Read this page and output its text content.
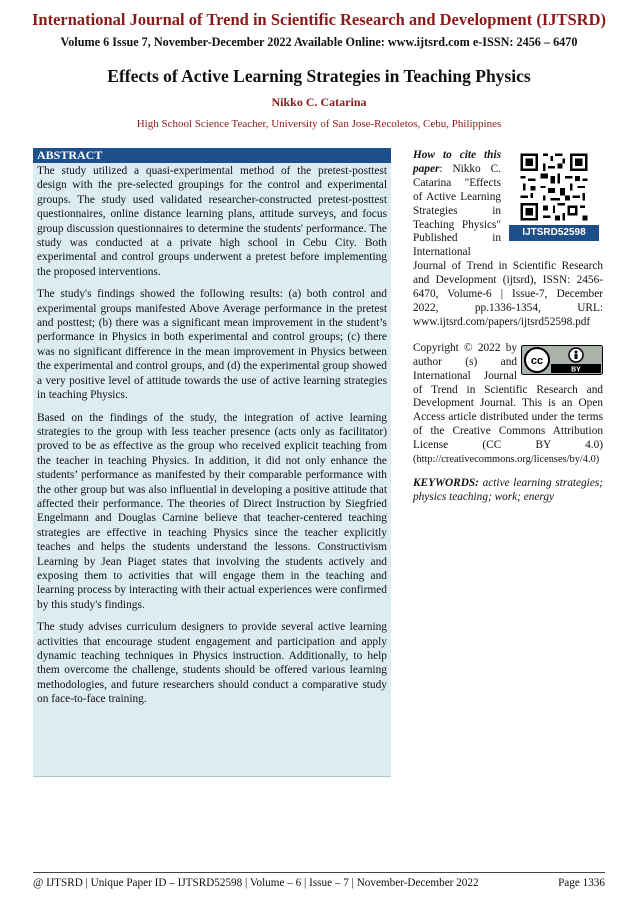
International Journal of Trend in Scientific Research and Development (IJTSRD)
Volume 6 Issue 7, November-December 2022 Available Online: www.ijtsrd.com e-ISSN: 2456 – 6470
Effects of Active Learning Strategies in Teaching Physics
Nikko C. Catarina
High School Science Teacher, University of San Jose-Recoletos, Cebu, Philippines
ABSTRACT

The study utilized a quasi-experimental method of the pretest-posttest design with the pre-selected groupings for the control and experimental groups. The study used validated researcher-constructed pretest-posttest questionnaires, online distance learning plans, attitude surveys, and focus group discussion questionnaires to determine the students' performance. The study was conducted at a private high school in Cebu City. Both experimental and control groups underwent a pretest before implementing the proposed interventions.

The study's findings showed the following results: (a) both control and experimental groups manifested Above Average performance in the pretest and posttest; (b) there was a significant mean improvement in the student’s performance in Physics in both experimental and control groups; (c) there was no significant difference in the mean improvement in Physics between the experimental and control groups, and (d) the experimental group showed a very positive level of attitude towards the use of active learning strategies in teaching Physics.

Based on the findings of the study, the integration of active learning strategies to the group with less teacher presence (acts only as facilitator) proved to be as effective as the group who received explicit teaching from the teacher in teaching Physics. In addition, it did not only enhance the students’ performance as manifested by their comparable performance with the other group but was also influential in developing a positive attitude that affected their performance. The theories of Direct Instruction by Siegfried Engelmann and Douglas Carnine believe that teacher-centered teaching strategies are effective in teaching Physics since the teacher explicitly teaches and helps the students understand the lessons. Constructivism Learning by Jean Piaget states that involving the students actively and exposing them to activities that will engage them in the teaching and learning process by interacting with their actual experiences were confirmed by this study's findings.

The study advises curriculum designers to provide several active learning activities that encourage student engagement and participation and apply dynamic teaching techniques in Physics instruction. Additionally, to help them overcome the challenge, students should be offered various learning methodologies, and future researchers should conduct a comparative study on face-to-face training.

IJTSRD52598
How to cite this paper: Nikko C. Catarina "Effects of Active Learning Strategies in Teaching Physics" Published in International Journal of Trend in Scientific Research and Development (ijtsrd), ISSN: 2456-6470, Volume-6 | Issue-7, December 2022, pp.1336-1354, URL: www.ijtsrd.com/papers/ijtsrd52598.pdf

cc
BY
Copyright © 2022 by author (s) and International Journal of Trend in Scientific Research and Development Journal. This is an Open Access article distributed under the terms of the Creative Commons Attribution License (CC BY 4.0) (http://creativecommons.org/licenses/by/4.0)

KEYWORDS: active learning strategies; physics teaching; work; energy

@ IJTSRD | Unique Paper ID – IJTSRD52598 | Volume – 6 | Issue – 7 | November-December 2022	Page 1336
